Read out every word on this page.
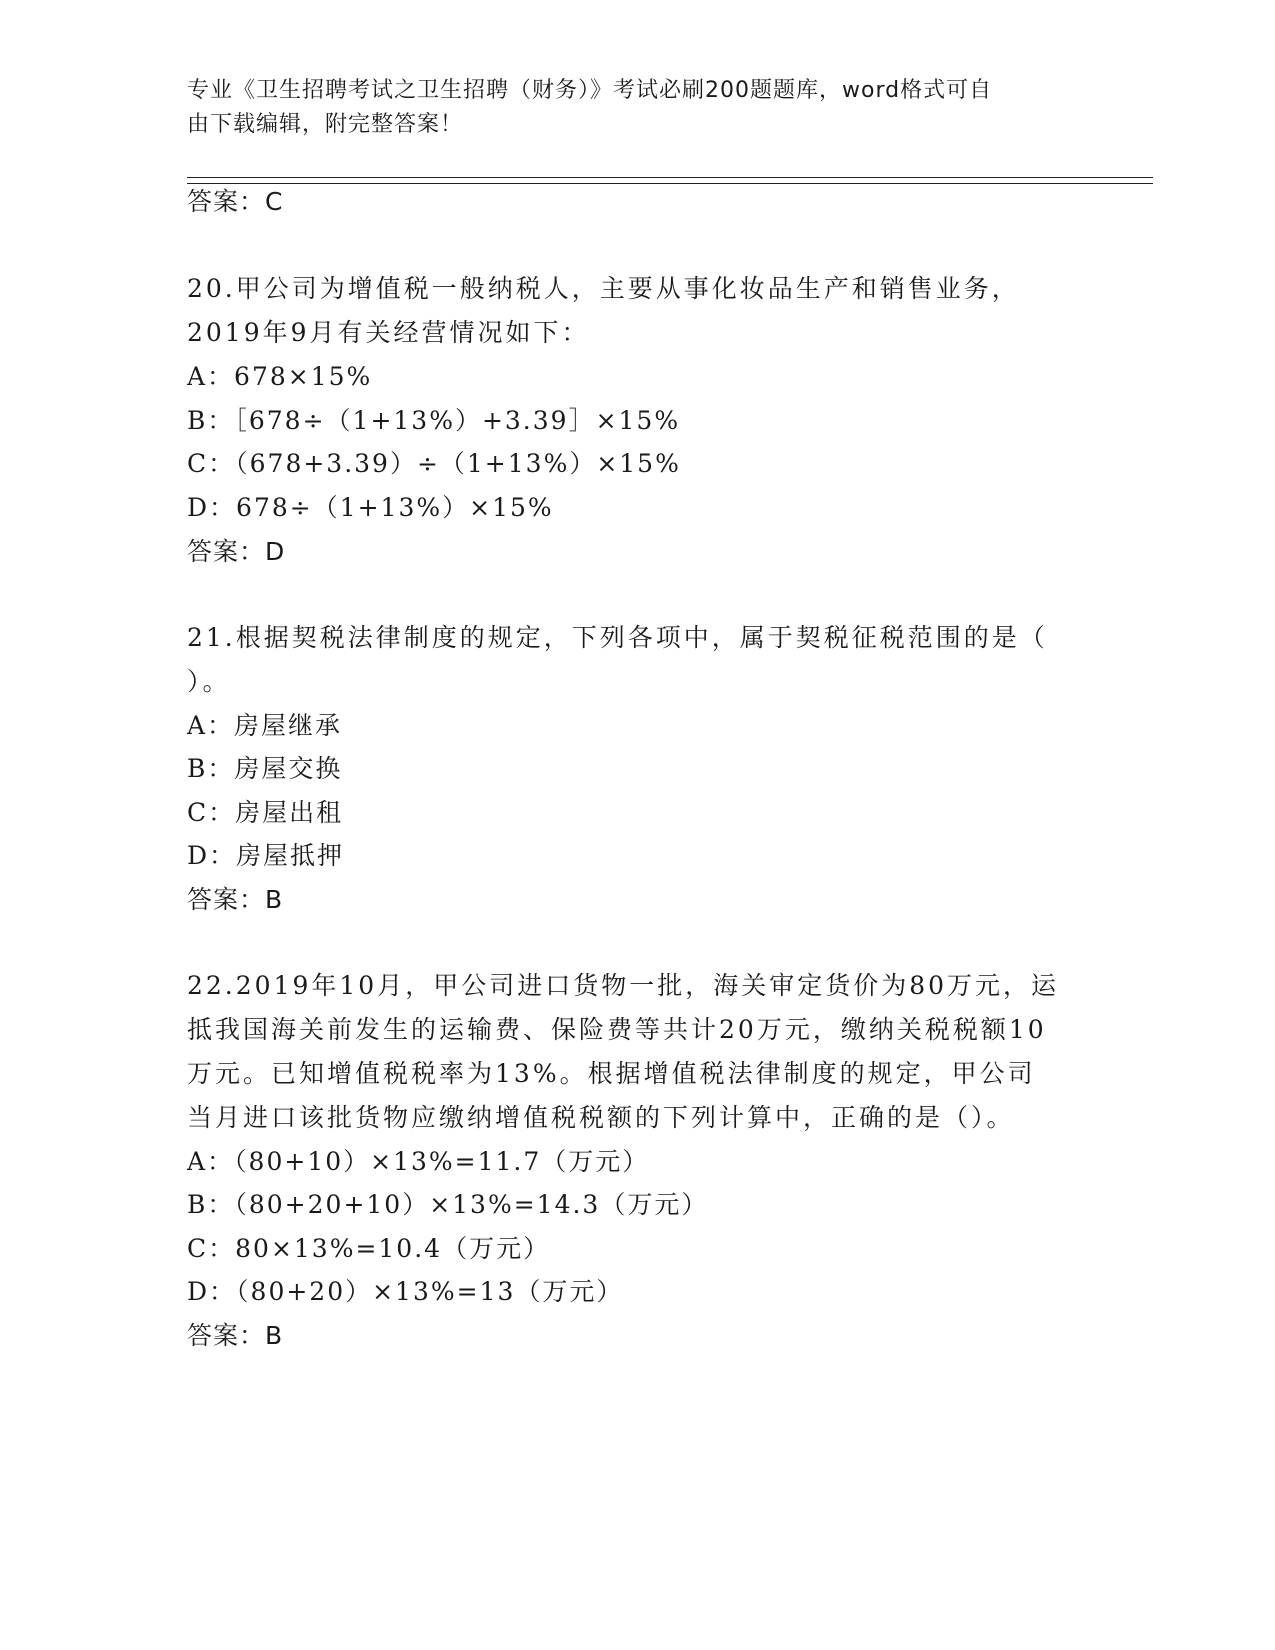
专业《卫生招聘考试之卫生招聘（财务）》考试必刷200题题库，word格式可自
由下载编辑，附完整答案！
答案：C
20.甲公司为增值税一般纳税人，主要从事化妆品生产和销售业务，
2019年9月有关经营情况如下：
A：678×15%
B：［678÷（1+13%）+3.39］×15%
C：（678+3.39）÷（1+13%）×15%
D：678÷（1+13%）×15%
答案：D
21.根据契税法律制度的规定，下列各项中，属于契税征税范围的是（
）。
A：房屋继承
B：房屋交换
C：房屋出租
D：房屋抵押
答案：B
22.2019年10月，甲公司进口货物一批，海关审定货价为80万元，运
抵我国海关前发生的运输费、保险费等共计20万元，缴纳关税税额10
万元。已知增值税税率为13%。根据增值税法律制度的规定，甲公司
当月进口该批货物应缴纳增值税税额的下列计算中，正确的是（）。
A：（80+10）×13%=11.7（万元）
B：（80+20+10）×13%=14.3（万元）
C：80×13%=10.4（万元）
D：（80+20）×13%=13（万元）
答案：B
